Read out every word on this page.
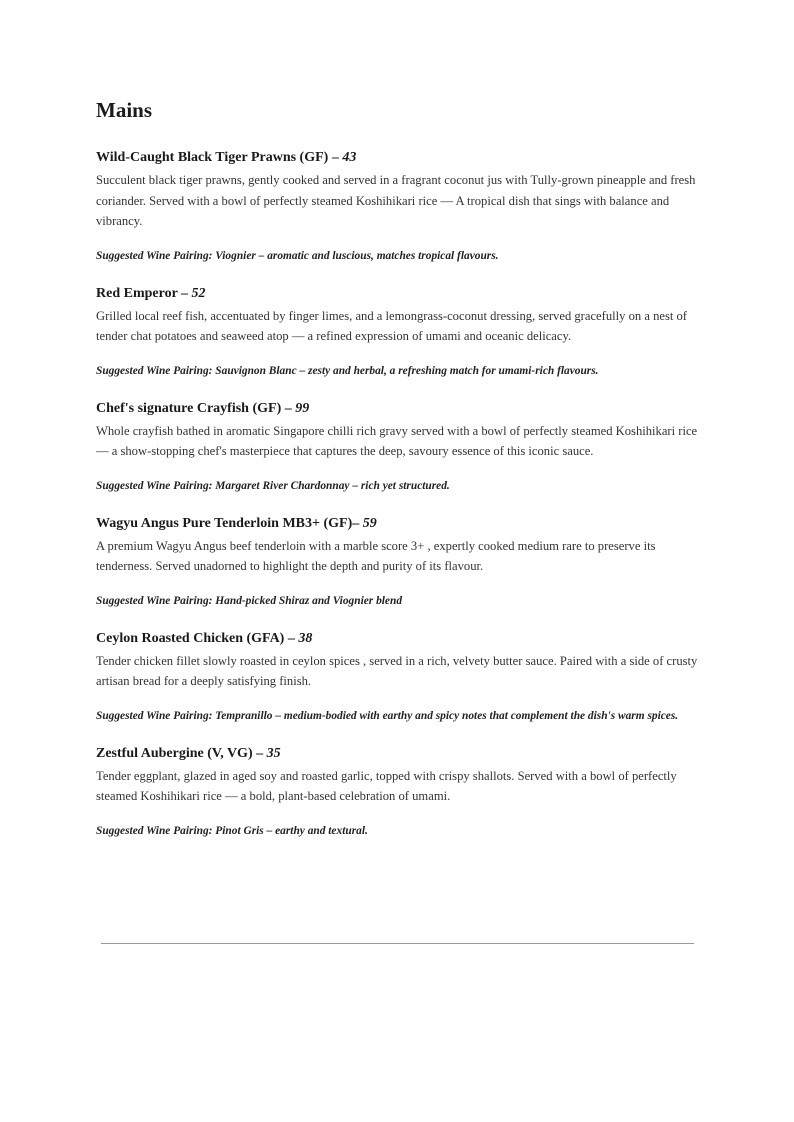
Mains
Wild-Caught Black Tiger Prawns (GF) – 43

Succulent black tiger prawns, gently cooked and served in a fragrant coconut jus with Tully-grown pineapple and fresh coriander. Served with a bowl of perfectly steamed Koshihikari rice — A tropical dish that sings with balance and vibrancy.

Suggested Wine Pairing: Viognier – aromatic and luscious, matches tropical flavours.

Red Emperor – 52

Grilled local reef fish, accentuated by finger limes, and a lemongrass-coconut dressing, served gracefully on a nest of tender chat potatoes and seaweed atop — a refined expression of umami and oceanic delicacy.

Suggested Wine Pairing: Sauvignon Blanc – zesty and herbal, a refreshing match for umami-rich flavours.

Chef's signature Crayfish (GF) – 99

Whole crayfish bathed in aromatic Singapore chilli rich gravy served with a bowl of perfectly steamed Koshihikari rice— a show-stopping chef's masterpiece that captures the deep, savoury essence of this iconic sauce.

Suggested Wine Pairing: Margaret River Chardonnay – rich yet structured.

Wagyu Angus Pure Tenderloin MB3+ (GF)– 59

A premium Wagyu Angus beef tenderloin with a marble score 3+ , expertly cooked medium rare to preserve its tenderness. Served unadorned to highlight the depth and purity of its flavour.

Suggested Wine Pairing: Hand-picked Shiraz and Viognier blend

Ceylon Roasted Chicken (GFA) – 38

Tender chicken fillet slowly roasted in ceylon spices , served in a rich, velvety butter sauce. Paired with a side of crusty artisan bread for a deeply satisfying finish.

Suggested Wine Pairing: Tempranillo – medium-bodied with earthy and spicy notes that complement the dish's warm spices.

Zestful Aubergine (V, VG) – 35

Tender eggplant, glazed in aged soy and roasted garlic, topped with crispy shallots. Served with a bowl of perfectly steamed Koshihikari rice — a bold, plant-based celebration of umami.

Suggested Wine Pairing: Pinot Gris – earthy and textural.
